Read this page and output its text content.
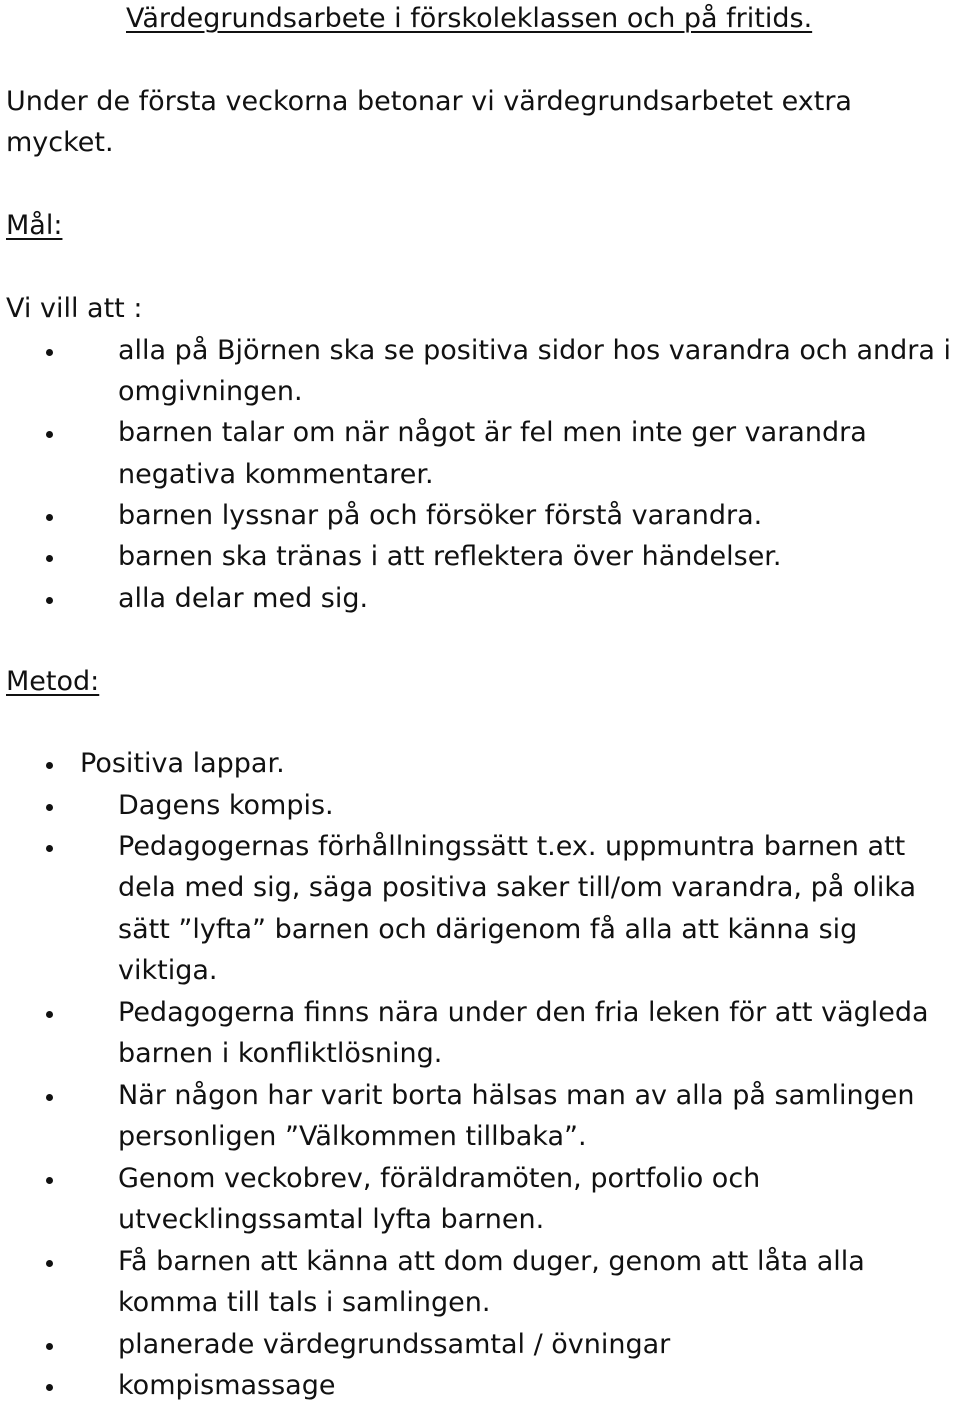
Värdegrundsarbete i förskoleklassen och på fritids.
Under de första veckorna betonar vi värdegrundsarbetet extra
mycket.
Mål:
Vi vill att :
alla på Björnen ska se positiva sidor hos varandra och andra i
omgivningen.
barnen talar om när något är fel men inte ger varandra
negativa kommentarer.
barnen lyssnar på och försöker förstå varandra.
barnen ska tränas i att reflektera över händelser.
alla delar med sig.
Metod:
Positiva lappar.
Dagens kompis.
Pedagogernas förhållningssätt t.ex. uppmuntra barnen att
dela med sig, säga positiva saker till/om varandra, på olika
sätt ”lyfta” barnen och därigenom få alla att känna sig
viktiga.
Pedagogerna finns nära under den fria leken för att vägleda
barnen i konfliktlösning.
När någon har varit borta hälsas man av alla på samlingen
personligen ”Välkommen tillbaka”.
Genom veckobrev, föräldramöten, portfolio och
utvecklingssamtal lyfta barnen.
Få barnen att känna att dom duger, genom att låta alla
komma till tals i samlingen.
planerade värdegrundssamtal / övningar
kompismassage
